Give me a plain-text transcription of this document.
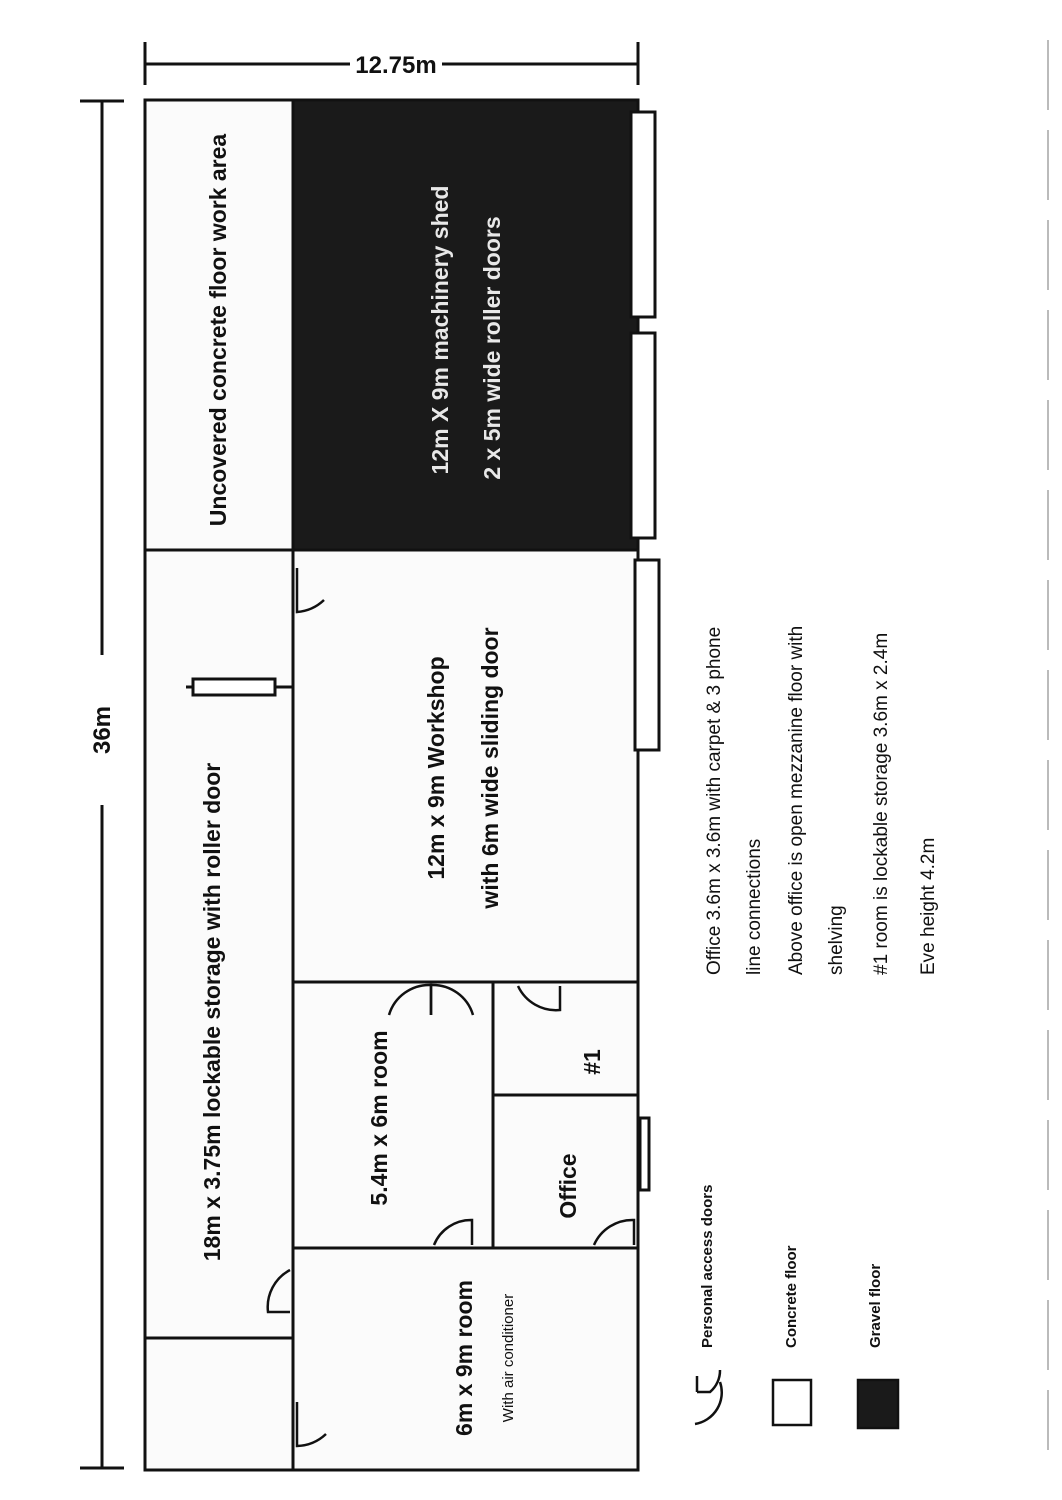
12.75m
36m
Uncovered concrete floor work area	12m X 9m machinery shed 2 x 5m wide roller doors
18m x 3.75m lockable storage with roller door	12m x 9m Workshop with 6m wide sliding door
5.4m x 6m room	#1
Office
6m x 9m room With air conditioner
Office 3.6m x 3.6m with carpet & 3 phone line connections Above office is open mezzanine floor with shelving #1 room is lockable storage 3.6m x 2.4m Eve height 4.2m
Personal access doors	Concrete floor	Gravel floor
